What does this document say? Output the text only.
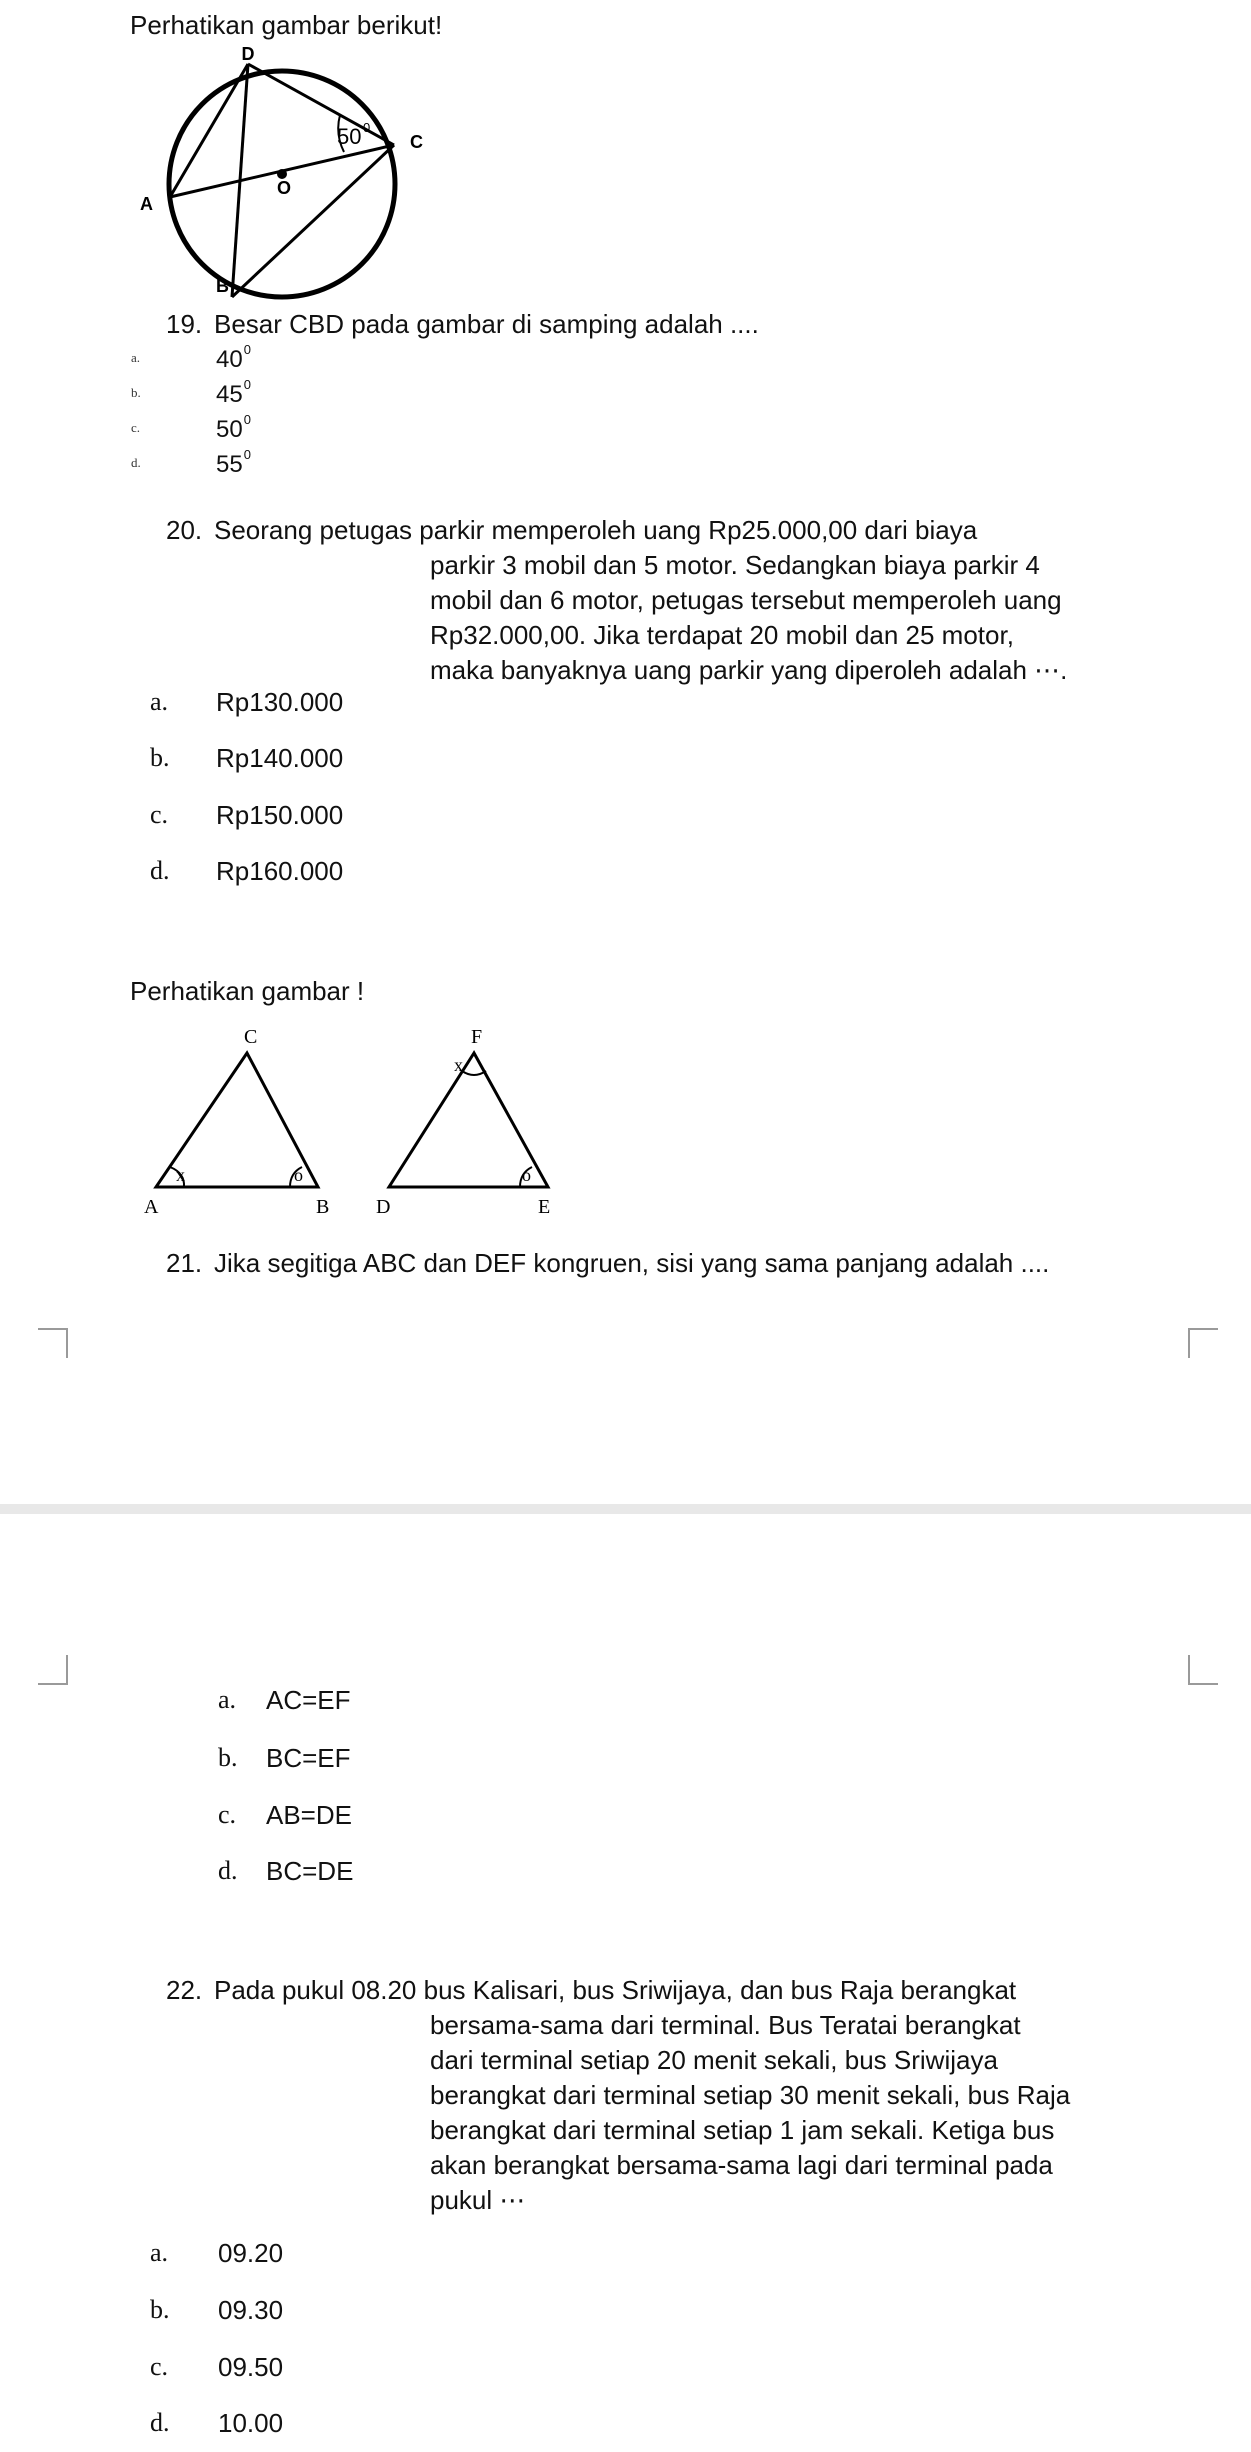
Perhatikan gambar berikut!
D
C
A
B
O
50 0
19. Besar CBD pada gambar di samping adalah ....
a.	$40^0$
b.	$45^0$
c.	$50^0$
d.	$55^0$
20. Seorang petugas parkir memperoleh uang Rp25.000,00 dari biaya
parkir 3 mobil dan 5 motor. Sedangkan biaya parkir 4
mobil dan 6 motor, petugas tersebut memperoleh uang
Rp32.000,00. Jika terdapat 20 mobil dan 25 motor,
maka banyaknya uang parkir yang diperoleh adalah ⋯.
a. Rp130.000
b. Rp140.000
c. Rp150.000
d. Rp160.000
Perhatikan gambar !
C
A	B
x	o
F
D	E
x
o
21. Jika segitiga ABC dan DEF kongruen, sisi yang sama panjang adalah ....
a. AC=EF
b. BC=EF
c. AB=DE
d. BC=DE
22. Pada pukul 08.20 bus Kalisari, bus Sriwijaya, dan bus Raja berangkat
bersama-sama dari terminal. Bus Teratai berangkat
dari terminal setiap 20 menit sekali, bus Sriwijaya
berangkat dari terminal setiap 30 menit sekali, bus Raja
berangkat dari terminal setiap 1 jam sekali. Ketiga bus
akan berangkat bersama-sama lagi dari terminal pada
pukul ⋯
a. 09.20
b. 09.30
c. 09.50
d. 10.00
